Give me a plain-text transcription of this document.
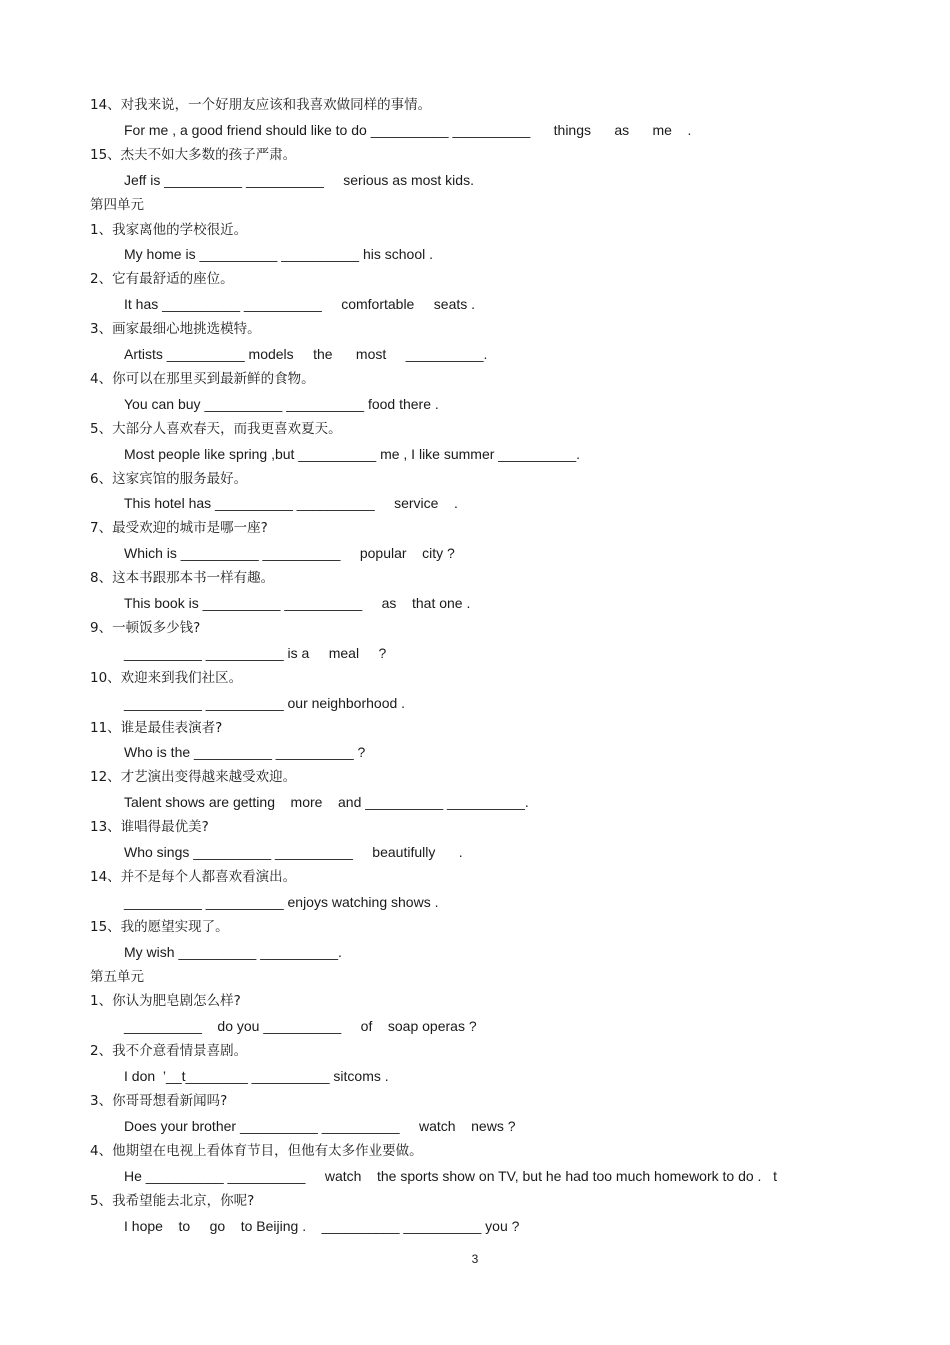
14、对我来说，一个好朋友应该和我喜欢做同样的事情。
For me , a good friend should like to do __________ __________      things      as      me    .
15、杰夫不如大多数的孩子严肃。
Jeff is __________ __________     serious as most kids.
第四单元
1、我家离他的学校很近。
My home is __________ __________ his school .
2、它有最舒适的座位。
It has __________ __________     comfortable     seats .
3、画家最细心地挑选模特。
Artists __________ models     the      most     __________.
4、你可以在那里买到最新鲜的食物。
You can buy __________ __________ food there .
5、大部分人喜欢春天，而我更喜欢夏天。
Most people like spring ,but __________ me , I like summer __________.
6、这家宾馆的服务最好。
This hotel has __________ __________     service    .
7、最受欢迎的城市是哪一座?
Which is __________ __________     popular    city ?
8、这本书跟那本书一样有趣。
This book is __________ __________     as    that one .
9、一顿饭多少钱?
__________ __________ is a     meal     ?
10、欢迎来到我们社区。
__________ __________ our neighborhood .
11、谁是最佳表演者?
Who is the __________ __________ ?
12、才艺演出变得越来越受欢迎。
Talent shows are getting    more    and __________ __________.
13、谁唱得最优美?
Who sings __________ __________     beautifully      .
14、并不是每个人都喜欢看演出。
__________ __________ enjoys watching shows .
15、我的愿望实现了。
My wish __________ __________.
第五单元
1、你认为肥皂剧怎么样?
__________    do you __________     of    soap operas ?
2、我不介意看情景喜剧。
I don  ’__t________ __________ sitcoms .
3、你哥哥想看新闻吗?
Does your brother __________ __________     watch    news ?
4、他期望在电视上看体育节目，但他有太多作业要做。
He __________ __________     watch    the sports show on TV, but he had too much homework to do .   t
5、我希望能去北京，你呢?
I hope    to     go    to Beijing .    __________ __________ you ?
3
